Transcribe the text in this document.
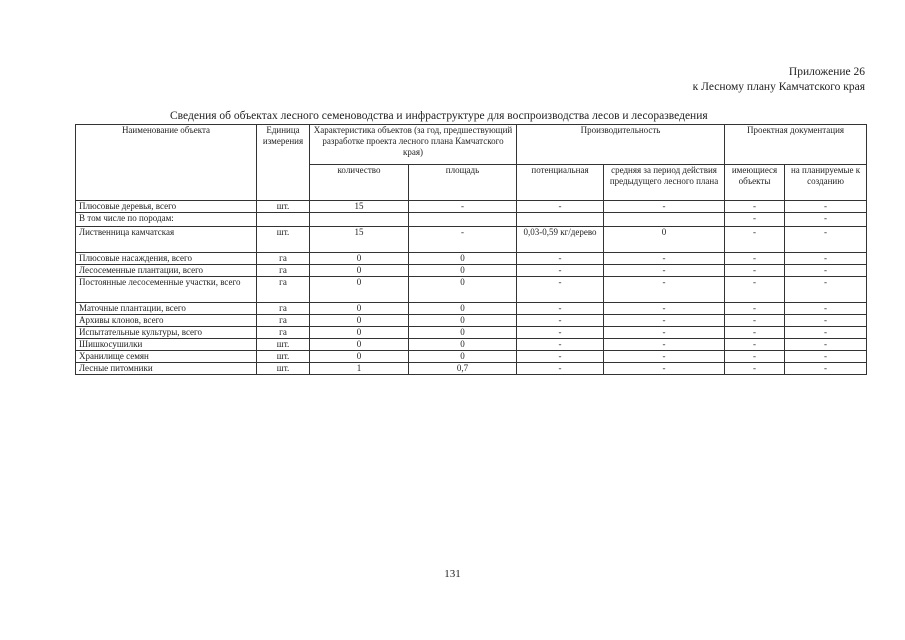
Приложение 26
к Лесному плану Камчатского края
Сведения об объектах лесного семеноводства и инфраструктуре для воспроизводства лесов и лесоразведения
Наименование объекта	Единица измерения	Характеристика объектов (за год, предшествующий разработке проекта лесного плана Камчатского края)		Производительность		Проектная документация	
		количество	площадь	потенциальная	средняя за период действия предыдущего лесного плана	имеющиеся объекты	на планируемые к созданию
Плюсовые деревья, всего	шт.	15	-	-	-	-	-
В том числе по породам:						-	-
Лиственница камчатская	шт.	15	-	0,03-0,59 кг/дерево	0	-	-
Плюсовые насаждения, всего	га	0	0	-	-	-	-
Лесосеменные плантации, всего	га	0	0	-	-	-	-
Постоянные лесосеменные участки, всего	га	0	0	-	-	-	-
Маточные плантации, всего	га	0	0	-	-	-	-
Архивы клонов, всего	га	0	0	-	-	-	-
Испытательные культуры, всего	га	0	0	-	-	-	-
Шишкосушилки	шт.	0	0	-	-	-	-
Хранилище семян	шт.	0	0	-	-	-	-
Лесные питомники	шт.	1	0,7	-	-	-	-
131
